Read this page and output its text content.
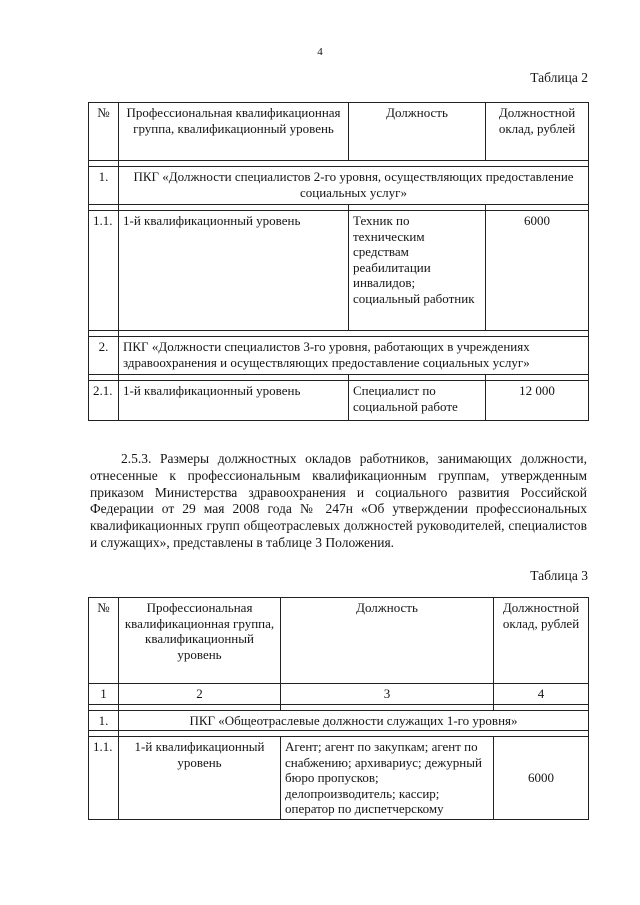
4
Таблица 2
№	Профессиональная квалификационная группа, квалификационный уровень	Должность	Должностной оклад, рублей

1.	ПКГ «Должности специалистов 2-го уровня, осуществляющих предоставление социальных услуг»		

1.1.	1-й квалификационный уровень	Техник по техническим средствам реабилитации инвалидов; социальный работник	6000

2.	ПКГ «Должности специалистов 3-го уровня, работающих в учреждениях здравоохранения и осуществляющих предоставление социальных услуг»		

2.1.	1-й квалификационный уровень	Специалист по социальной работе	12 000
2.5.3. Размеры должностных окладов работников, занимающих должности, отнесенные к профессиональным квалификационным группам, утвержденным приказом Министерства здравоохранения и социального развития Российской Федерации от 29 мая 2008 года № 247н «Об утверждении профессиональных квалификационных групп общеотраслевых должностей руководителей, специалистов и служащих», представлены в таблице 3 Положения.
Таблица 3
№	Профессиональная квалификационная группа, квалификационный уровень	Должность	Должностной оклад, рублей
1	2	3	4

1.	ПКГ «Общеотраслевые должности служащих 1-го уровня»		

1.1.	1-й квалификационный уровень	Агент; агент по закупкам; агент по снабжению; архивариус; дежурный бюро пропусков; делопроизводитель; кассир; оператор по диспетчерскому	6000
